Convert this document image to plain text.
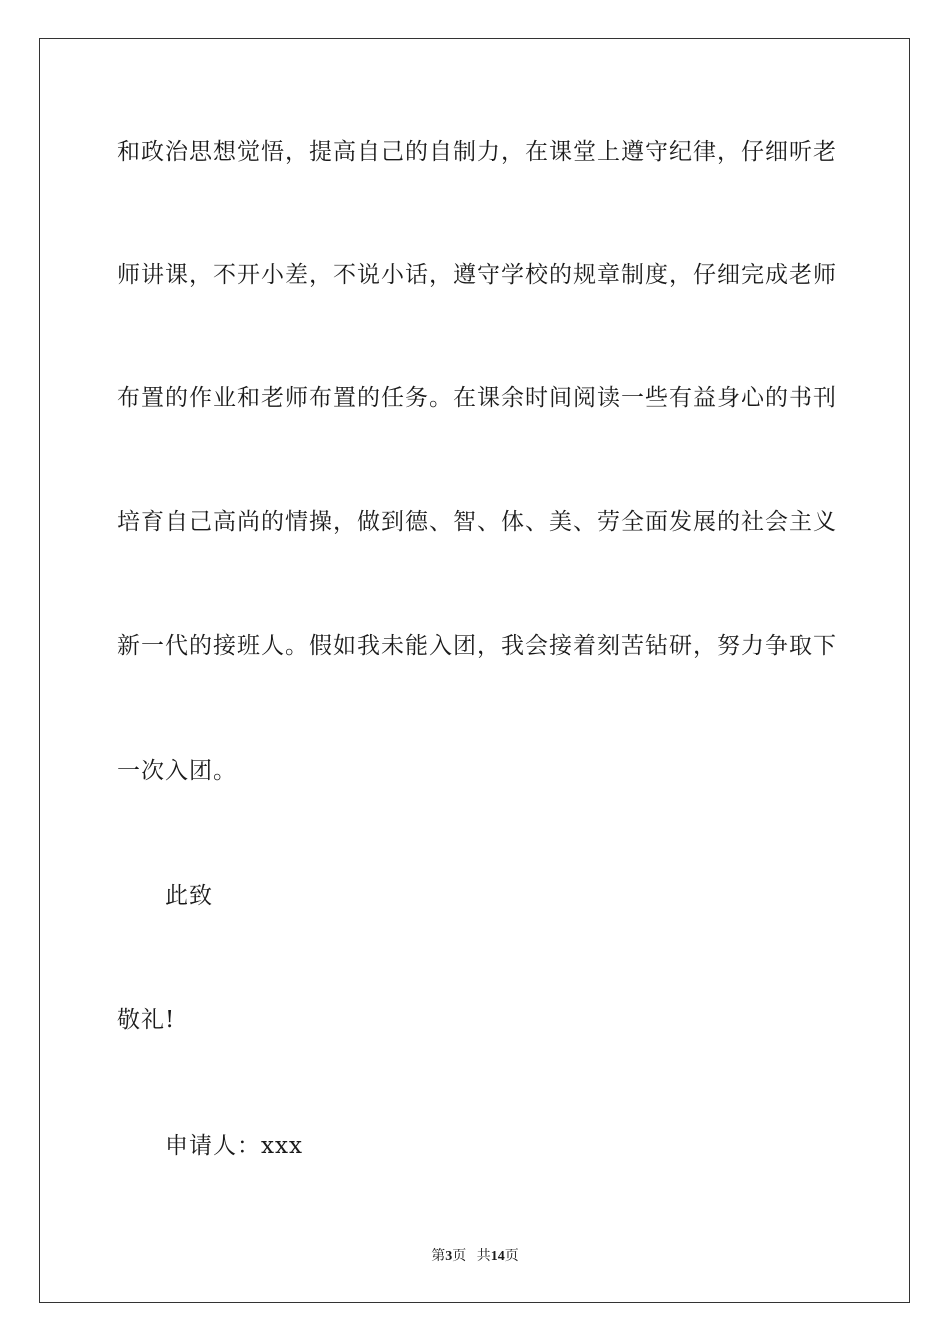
和政治思想觉悟，提高自己的自制力，在课堂上遵守纪律，仔细听老
师讲课，不开小差，不说小话，遵守学校的规章制度，仔细完成老师
布置的作业和老师布置的任务。在课余时间阅读一些有益身心的书刊
培育自己高尚的情操，做到德、智、体、美、劳全面发展的社会主义
新一代的接班人。假如我未能入团，我会接着刻苦钻研，努力争取下
一次入团。
此致
敬礼!
申请人：xxx
第3页 共14页
